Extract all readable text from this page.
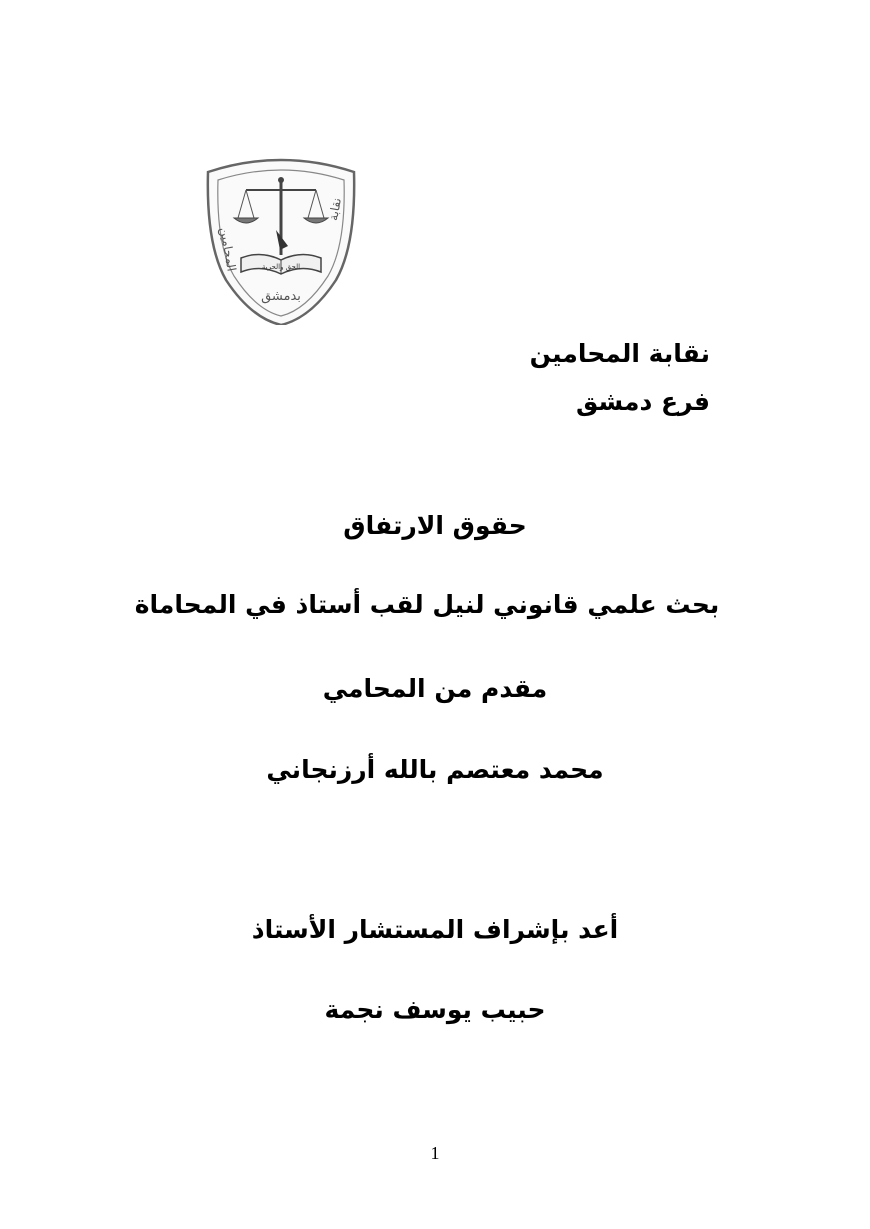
المحامين
نقابة
الحق والحرية
بدمشق
نقابة المحامين
فرع دمشق
حقوق الارتفاق
بحث علمي قانوني لنيل لقب أستاذ في المحاماة
مقدم من المحامي
محمد معتصم بالله أرزنجاني
أعد بإشراف المستشار الأستاذ
حبيب يوسف نجمة
1
